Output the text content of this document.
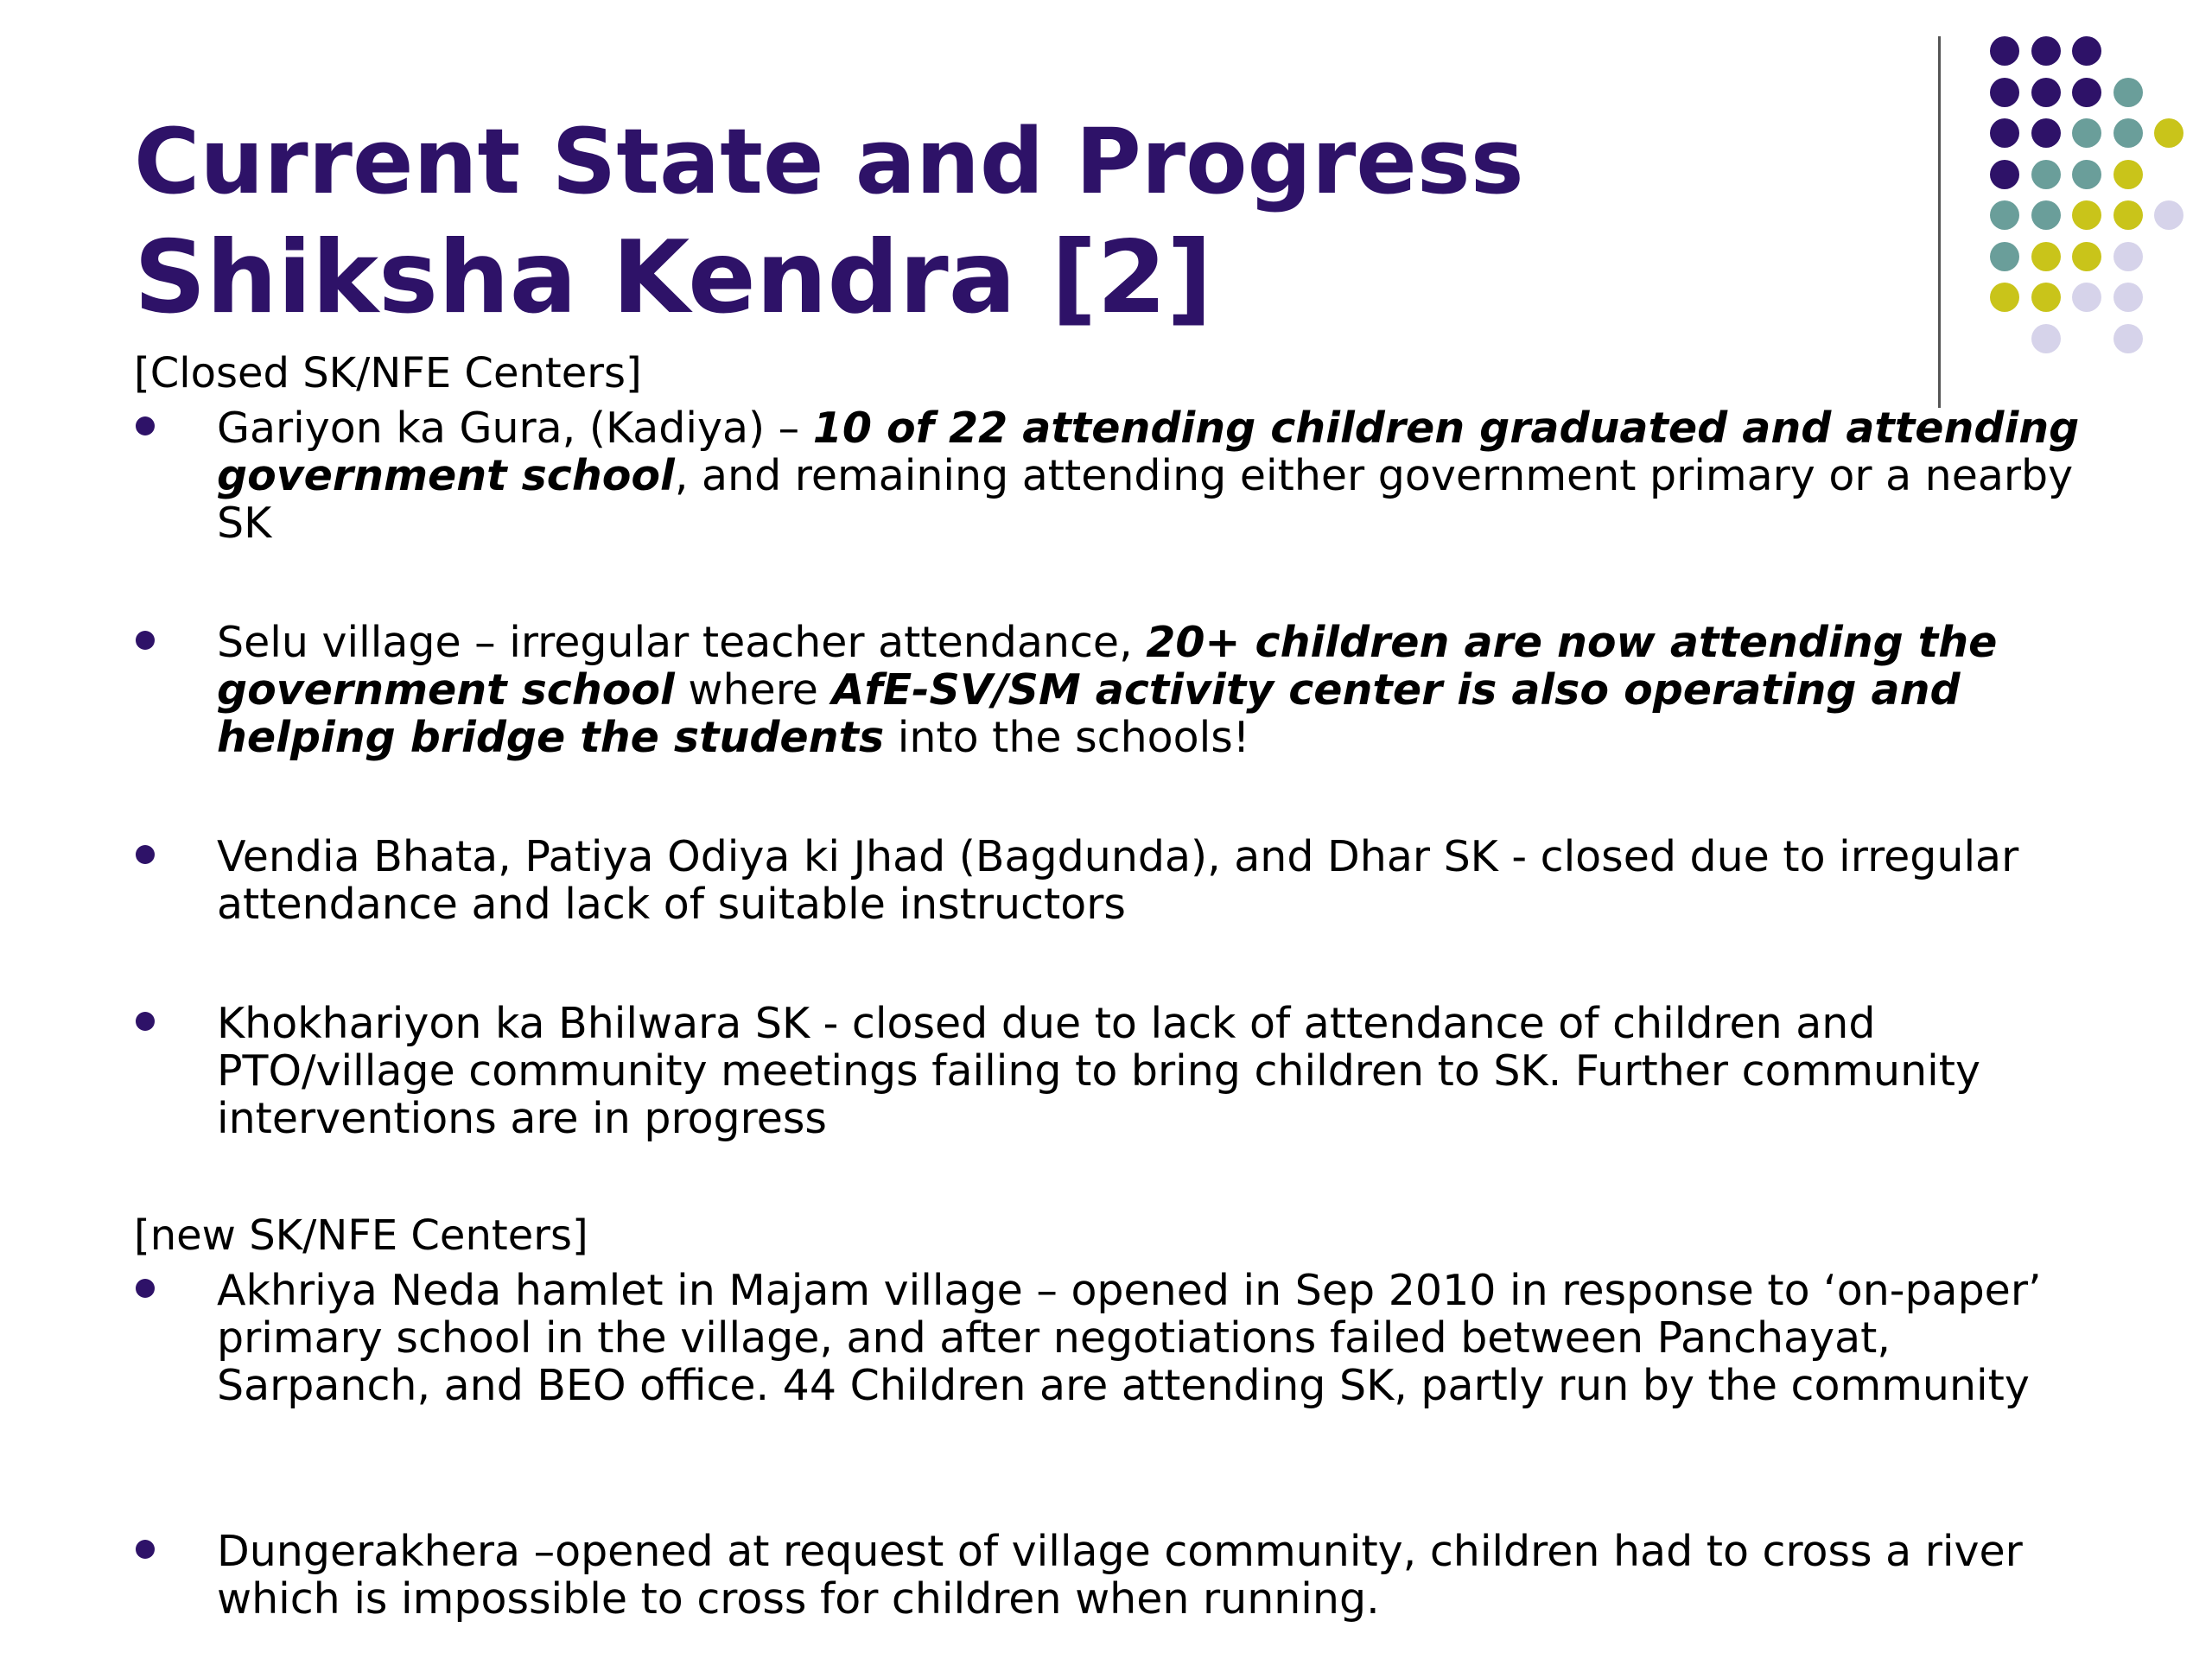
Current State and Progress
Shiksha Kendra [2]
[Closed SK/NFE Centers]
Gariyon ka Gura, (Kadiya) – 10 of 22 attending children graduated and attending government school, and remaining attending either government primary or a nearby SK
Selu village – irregular teacher attendance, 20+ children are now attending the government school where AfE-SV/SM activity center is also operating and helping bridge the students into the schools!
Vendia Bhata, Patiya Odiya ki Jhad (Bagdunda), and Dhar SK - closed due to irregular attendance and lack of suitable instructors
Khokhariyon ka Bhilwara SK - closed due to lack of attendance of children and PTO/village community meetings failing to bring children to SK. Further community interventions are in progress
[new SK/NFE Centers]
Akhriya Neda hamlet in Majam village – opened in Sep 2010 in response to ‘on-paper’ primary school in the village, and after negotiations failed between Panchayat, Sarpanch, and BEO office. 44 Children are attending SK, partly run by the community
Dungerakhera –opened at request of village community, children had to cross a river which is impossible to cross for children when running.
